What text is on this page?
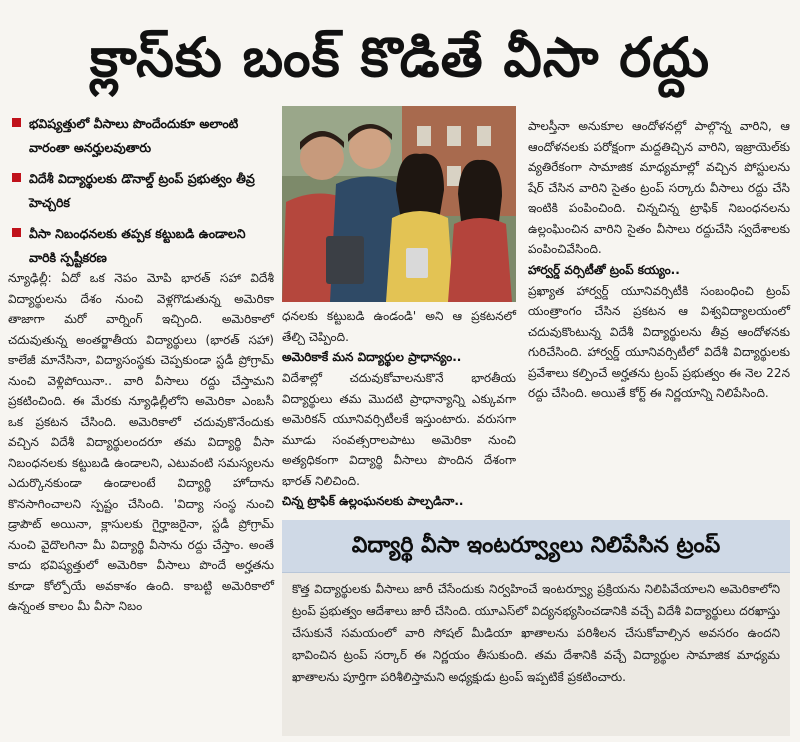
క్లాస్‌కు బంక్ కొడితే వీసా రద్దు
భవిష్యత్తులో వీసాలు పొందేందుకూ అలాంటి వారంతా అనర్హులవుతారు
విదేశీ విద్యార్థులకు డొనాల్డ్ ట్రంప్ ప్రభుత్వం తీవ్ర హెచ్చరిక
వీసా నిబంధనలకు తప్పక కట్టుబడి ఉండాలని వారికి స్పష్టీకరణ
న్యూఢిల్లీ: ఏదో ఒక నెపం మోపి భారత్ సహా విదేశీ విద్యార్థులను దేశం నుంచి వెళ్లగొడుతున్న అమెరికా తాజాగా మరో వార్నింగ్ ఇచ్చింది. అమెరికాలో చదువుతున్న అంతర్జాతీయ విద్యార్థులు (భారత్ సహా) కాలేజీ మానేసినా, విద్యాసంస్థకు చెప్పకుండా స్టడీ ప్రోగ్రామ్ నుంచి వెళ్లిపోయినా.. వారి వీసాలు రద్దు చేస్తామని ప్రకటించింది. ఈ మేరకు న్యూఢిల్లీలోని అమెరికా ఎంబసీ ఒక ప్రకటన చేసింది. అమెరికాలో చదువుకొనేందుకు వచ్చిన విదేశీ విద్యార్థులందరూ తమ విద్యార్థి వీసా నిబంధనలకు కట్టుబడి ఉండాలని, ఎటువంటి సమస్యలను ఎదుర్కొనకుండా ఉండాలంటే విద్యార్థి హోదాను కొనసాగించాలని స్పష్టం చేసింది. 'విద్యా సంస్థ నుంచి డ్రాపౌట్ అయినా, క్లాసులకు గైర్హాజరైనా, స్టడీ ప్రోగ్రామ్ నుంచి వైదొలగినా మీ విద్యార్థి వీసాను రద్దు చేస్తాం. అంతే కాదు భవిష్యత్తులో అమెరికా వీసాలు పొందే అర్హతను కూడా కోల్పోయే అవకాశం ఉంది. కాబట్టి అమెరికాలో ఉన్నంత కాలం మీ వీసా నిబం
ధనలకు కట్టుబడి ఉండండి' అని ఆ ప్రకటనలో తేల్చి చెప్పింది.
అమెరికాకే మన విద్యార్థుల ప్రాధాన్యం..
విదేశాల్లో చదువుకోవాలనుకొనే భారతీయ విద్యార్థులు తమ మొదటి ప్రాధాన్యాన్ని ఎక్కువగా అమెరికన్ యూనివర్సిటీలకే ఇస్తుంటారు. వరుసగా మూడు సంవత్సరాలపాటు అమెరికా నుంచి అత్యధికంగా విద్యార్థి వీసాలు పొందిన దేశంగా భారత్ నిలిచింది.
చిన్న ట్రాఫిక్ ఉల్లంఘనలకు పాల్పడినా..
పాలస్తీనా అనుకూల ఆందోళనల్లో పాల్గొన్న వారిని, ఆ ఆందోళనలకు పరోక్షంగా మద్దతిచ్చిన వారిని, ఇజ్రాయెల్‌కు వ్యతిరేకంగా సామాజిక మాధ్యమాల్లో వచ్చిన పోస్టులను షేర్ చేసిన వారిని సైతం ట్రంప్ సర్కారు వీసాలు రద్దు చేసి ఇంటికి పంపించింది. చిన్నచిన్న ట్రాఫిక్ నిబంధనలను ఉల్లంఘించిన వారిని సైతం వీసాలు రద్దుచేసి స్వదేశాలకు పంపించివేసింది.
హార్వర్డ్ వర్సిటీతో ట్రంప్ కయ్యం..
ప్రఖ్యాత హార్వర్డ్ యూనివర్సిటీకి సంబంధించి ట్రంప్ యంత్రాంగం చేసిన ప్రకటన ఆ విశ్వవిద్యాలయంలో చదువుకొంటున్న విదేశీ విద్యార్థులను తీవ్ర ఆందోళనకు గురిచేసింది. హార్వర్డ్ యూనివర్సిటీలో విదేశీ విద్యార్థులకు ప్రవేశాలు కల్పించే అర్హతను ట్రంప్ ప్రభుత్వం ఈ నెల 22న రద్దు చేసింది. అయితే కోర్ట్ ఈ నిర్ణయాన్ని నిలిపేసింది.
విద్యార్థి వీసా ఇంటర్వ్యూలు నిలిపేసిన ట్రంప్
కొత్త విద్యార్థులకు వీసాలు జారీ చేసేందుకు నిర్వహించే ఇంటర్వ్యూ ప్రక్రియను నిలిపివేయాలని అమెరికాలోని ట్రంప్ ప్రభుత్వం ఆదేశాలు జారీ చేసింది. యూఎస్‌లో విద్యనభ్యసించడానికి వచ్చే విదేశీ విద్యార్థులు దరఖాస్తు చేసుకునే సమయంలో వారి సోషల్ మీడియా ఖాతాలను పరిశీలన చేసుకోవాల్సిన అవసరం ఉందని భావించిన ట్రంప్ సర్కార్ ఈ నిర్ణయం తీసుకుంది. తమ దేశానికి వచ్చే విద్యార్థుల సామాజిక మాధ్యమ ఖాతాలను పూర్తిగా పరిశీలిస్తామని అధ్యక్షుడు ట్రంప్ ఇప్పటికే ప్రకటించారు.
